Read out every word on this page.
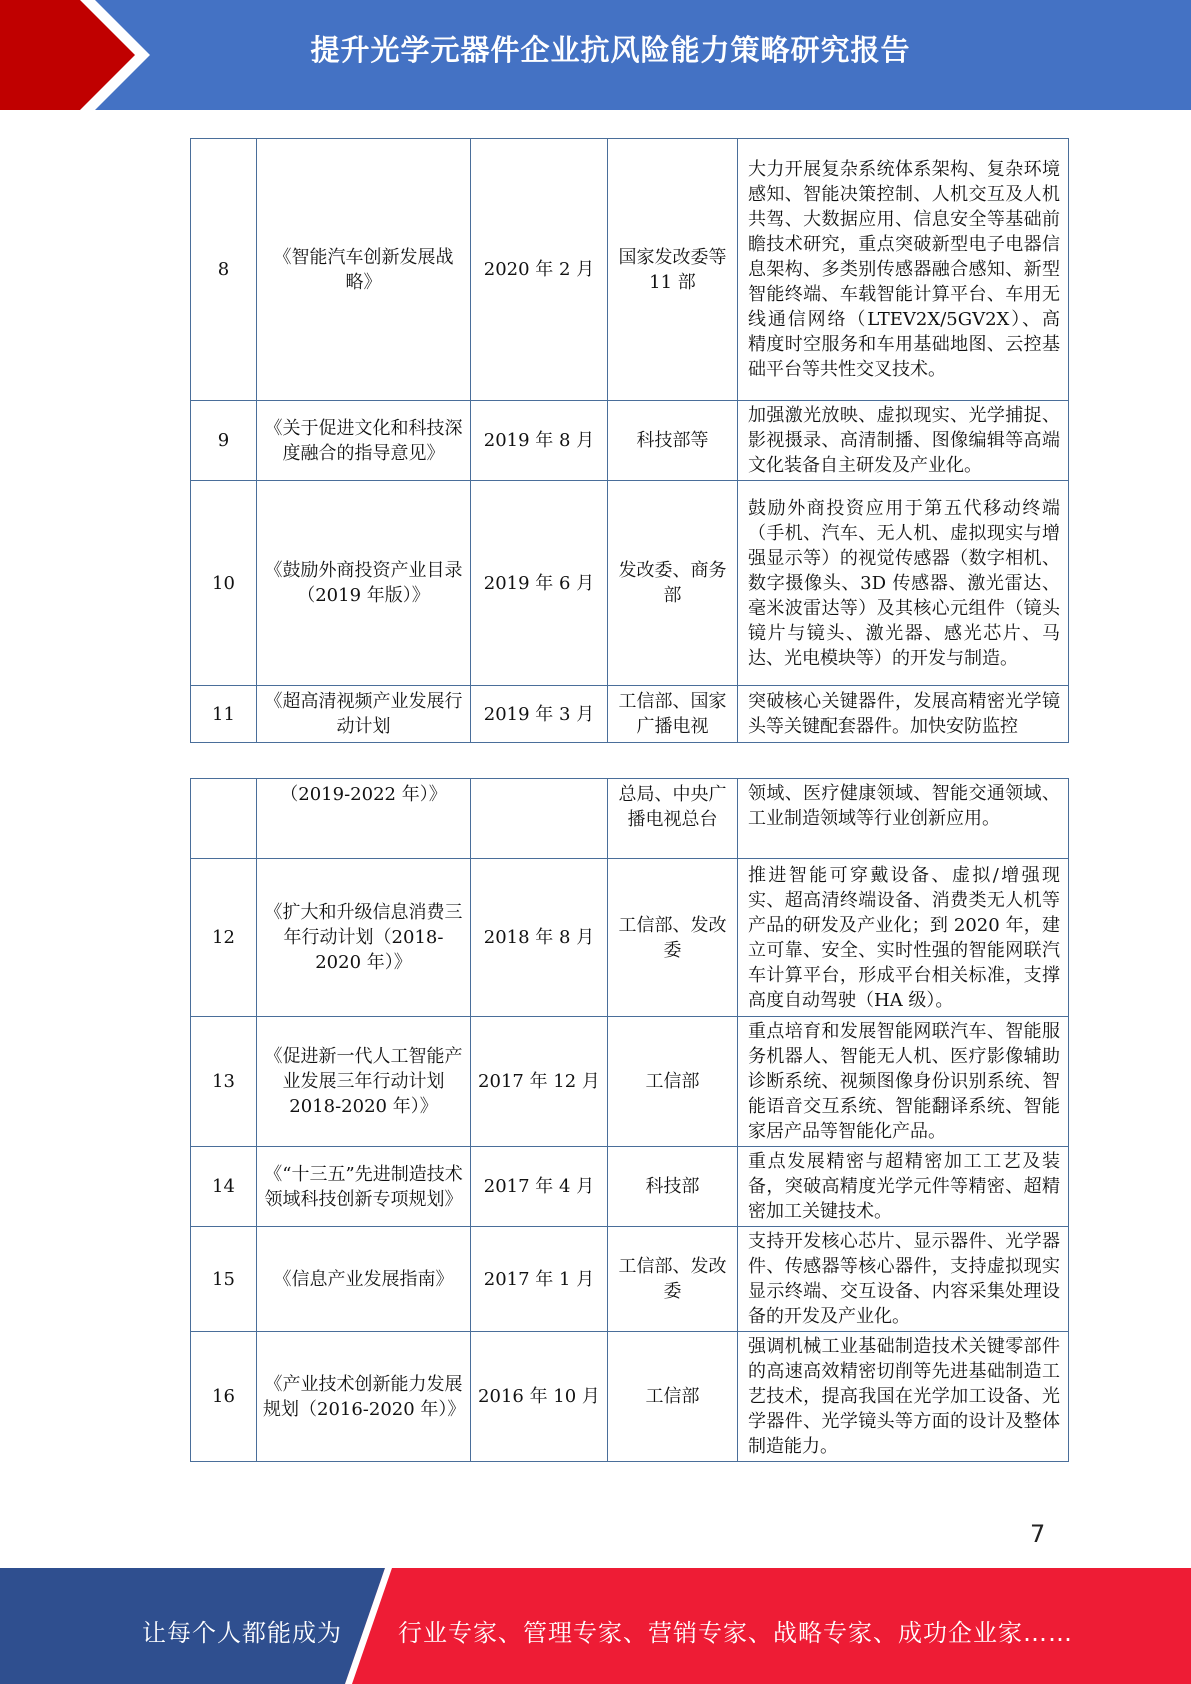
提升光学元器件企业抗风险能力策略研究报告
8	《智能汽车创新发展战略》	2020 年 2 月	国家发改委等 11 部	大力开展复杂系统体系架构、复杂环境感知、智能决策控制、人机交互及人机共驾、大数据应用、信息安全等基础前瞻技术研究，重点突破新型电子电器信息架构、多类别传感器融合感知、新型智能终端、车载智能计算平台、车用无线通信网络（LTEV2X/5GV2X）、高精度时空服务和车用基础地图、云控基础平台等共性交叉技术。
9	《关于促进文化和科技深度融合的指导意见》	2019 年 8 月	科技部等	加强激光放映、虚拟现实、光学捕捉、影视摄录、高清制播、图像编辑等高端文化装备自主研发及产业化。
10	《鼓励外商投资产业目录（2019 年版）》	2019 年 6 月	发改委、商务部	鼓励外商投资应用于第五代移动终端（手机、汽车、无人机、虚拟现实与增强显示等）的视觉传感器（数字相机、数字摄像头、3D 传感器、激光雷达、毫米波雷达等）及其核心元组件（镜头镜片与镜头、激光器、感光芯片、马达、光电模块等）的开发与制造。
11	《超高清视频产业发展行动计划	2019 年 3 月	工信部、国家广播电视	突破核心关键器件，发展高精密光学镜头等关键配套器件。加快安防监控
	（2019-2022 年）》		总局、中央广播电视总台	领域、医疗健康领域、智能交通领域、工业制造领域等行业创新应用。
12	《扩大和升级信息消费三年行动计划（2018-2020 年）》	2018 年 8 月	工信部、发改委	推进智能可穿戴设备、虚拟/增强现实、超高清终端设备、消费类无人机等产品的研发及产业化；到 2020 年，建立可靠、安全、实时性强的智能网联汽车计算平台，形成平台相关标准，支撑高度自动驾驶（HA 级）。
13	《促进新一代人工智能产业发展三年行动计划 2018-2020 年）》	2017 年 12 月	工信部	重点培育和发展智能网联汽车、智能服务机器人、智能无人机、医疗影像辅助诊断系统、视频图像身份识别系统、智能语音交互系统、智能翻译系统、智能家居产品等智能化产品。
14	《“十三五”先进制造技术领域科技创新专项规划》	2017 年 4 月	科技部	重点发展精密与超精密加工工艺及装备，突破高精度光学元件等精密、超精密加工关键技术。
15	《信息产业发展指南》	2017 年 1 月	工信部、发改委	支持开发核心芯片、显示器件、光学器件、传感器等核心器件，支持虚拟现实显示终端、交互设备、内容采集处理设备的开发及产业化。
16	《产业技术创新能力发展规划（2016-2020 年）》	2016 年 10 月	工信部	强调机械工业基础制造技术关键零部件的高速高效精密切削等先进基础制造工艺技术，提高我国在光学加工设备、光学器件、光学镜头等方面的设计及整体制造能力。
7
让每个人都能成为 行业专家、管理专家、营销专家、战略专家、成功企业家……
